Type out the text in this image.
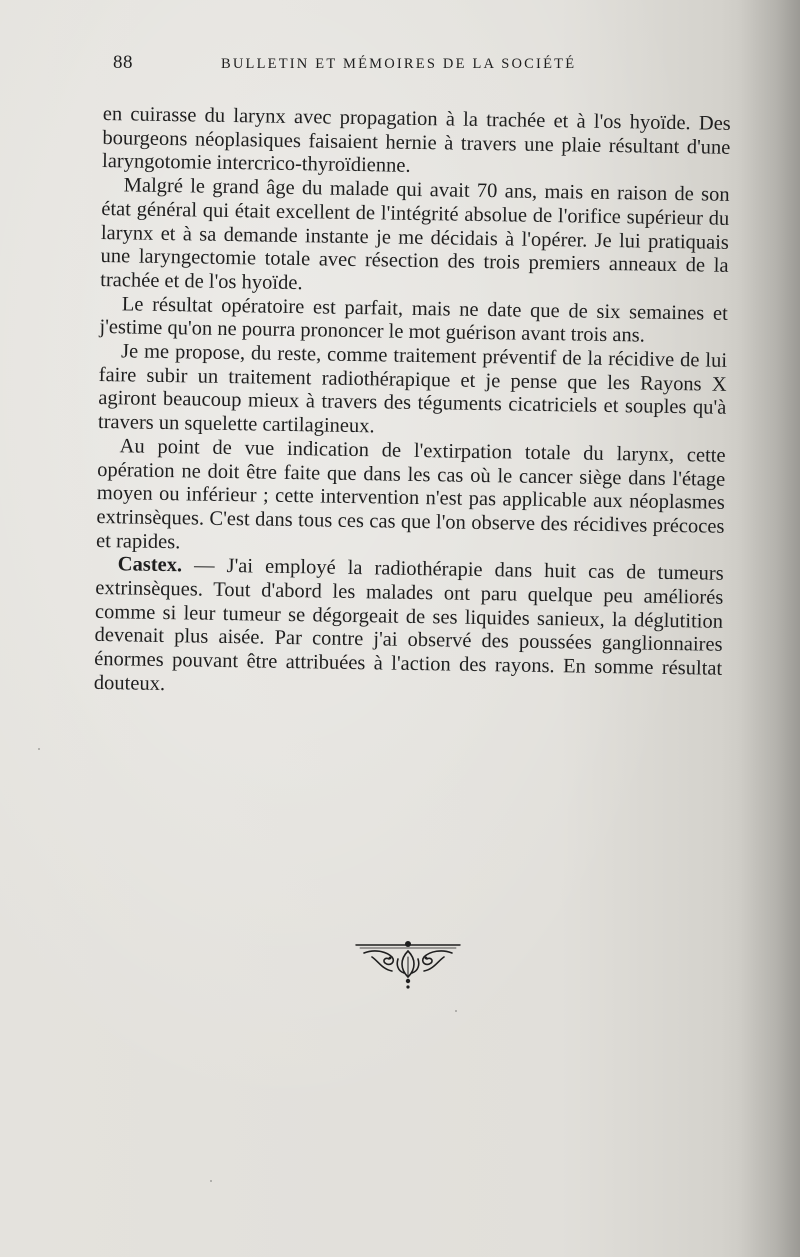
88	BULLETIN ET MÉMOIRES DE LA SOCIÉTÉ

en cuirasse du larynx avec propagation à la trachée et à l'os hyoïde. Des bourgeons néoplasiques faisaient hernie à travers une plaie résultant d'une laryngotomie intercrico-thyroïdienne.

Malgré le grand âge du malade qui avait 70 ans, mais en raison de son état général qui était excellent de l'intégrité absolue de l'orifice supérieur du larynx et à sa demande instante je me décidais à l'opérer. Je lui pratiquais une laryngectomie totale avec résection des trois premiers anneaux de la trachée et de l'os hyoïde.

Le résultat opératoire est parfait, mais ne date que de six semaines et j'estime qu'on ne pourra prononcer le mot guérison avant trois ans.

Je me propose, du reste, comme traitement préventif de la récidive de lui faire subir un traitement radiothérapique et je pense que les Rayons X agiront beaucoup mieux à travers des téguments cicatriciels et souples qu'à travers un squelette cartilagineux.

Au point de vue indication de l'extirpation totale du larynx, cette opération ne doit être faite que dans les cas où le cancer siège dans l'étage moyen ou inférieur ; cette intervention n'est pas applicable aux néoplasmes extrinsèques. C'est dans tous ces cas que l'on observe des récidives précoces et rapides.

Castex. — J'ai employé la radiothérapie dans huit cas de tumeurs extrinsèques. Tout d'abord les malades ont paru quelque peu améliorés comme si leur tumeur se dégorgeait de ses liquides sanieux, la déglutition devenait plus aisée. Par contre j'ai observé des poussées ganglionnaires énormes pouvant être attribuées à l'action des rayons. En somme résultat douteux.
